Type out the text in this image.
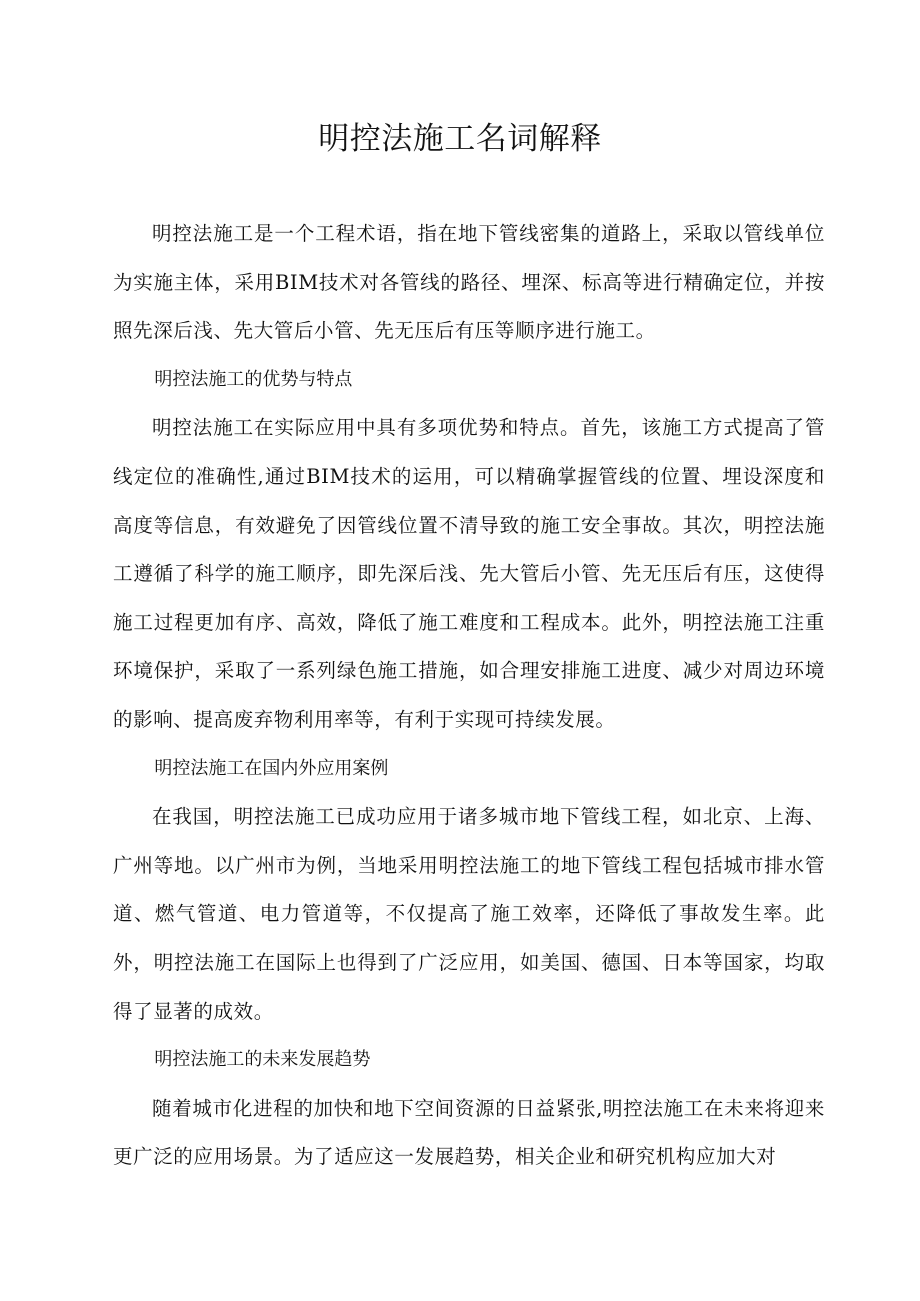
明控法施工名词解释

明控法施工是一个工程术语，指在地下管线密集的道路上，采取以管线单位为实施主体，采用BIM技术对各管线的路径、埋深、标高等进行精确定位，并按照先深后浅、先大管后小管、先无压后有压等顺序进行施工。

明控法施工的优势与特点

明控法施工在实际应用中具有多项优势和特点。首先，该施工方式提高了管线定位的准确性,通过BIM技术的运用，可以精确掌握管线的位置、埋设深度和高度等信息，有效避免了因管线位置不清导致的施工安全事故。其次，明控法施工遵循了科学的施工顺序，即先深后浅、先大管后小管、先无压后有压，这使得施工过程更加有序、高效，降低了施工难度和工程成本。此外，明控法施工注重环境保护，采取了一系列绿色施工措施，如合理安排施工进度、减少对周边环境的影响、提高废弃物利用率等，有利于实现可持续发展。

明控法施工在国内外应用案例

在我国，明控法施工已成功应用于诸多城市地下管线工程，如北京、上海、广州等地。以广州市为例，当地采用明控法施工的地下管线工程包括城市排水管道、燃气管道、电力管道等，不仅提高了施工效率，还降低了事故发生率。此外，明控法施工在国际上也得到了广泛应用，如美国、德国、日本等国家，均取得了显著的成效。

明控法施工的未来发展趋势

随着城市化进程的加快和地下空间资源的日益紧张,明控法施工在未来将迎来更广泛的应用场景。为了适应这一发展趋势，相关企业和研究机构应加大对
